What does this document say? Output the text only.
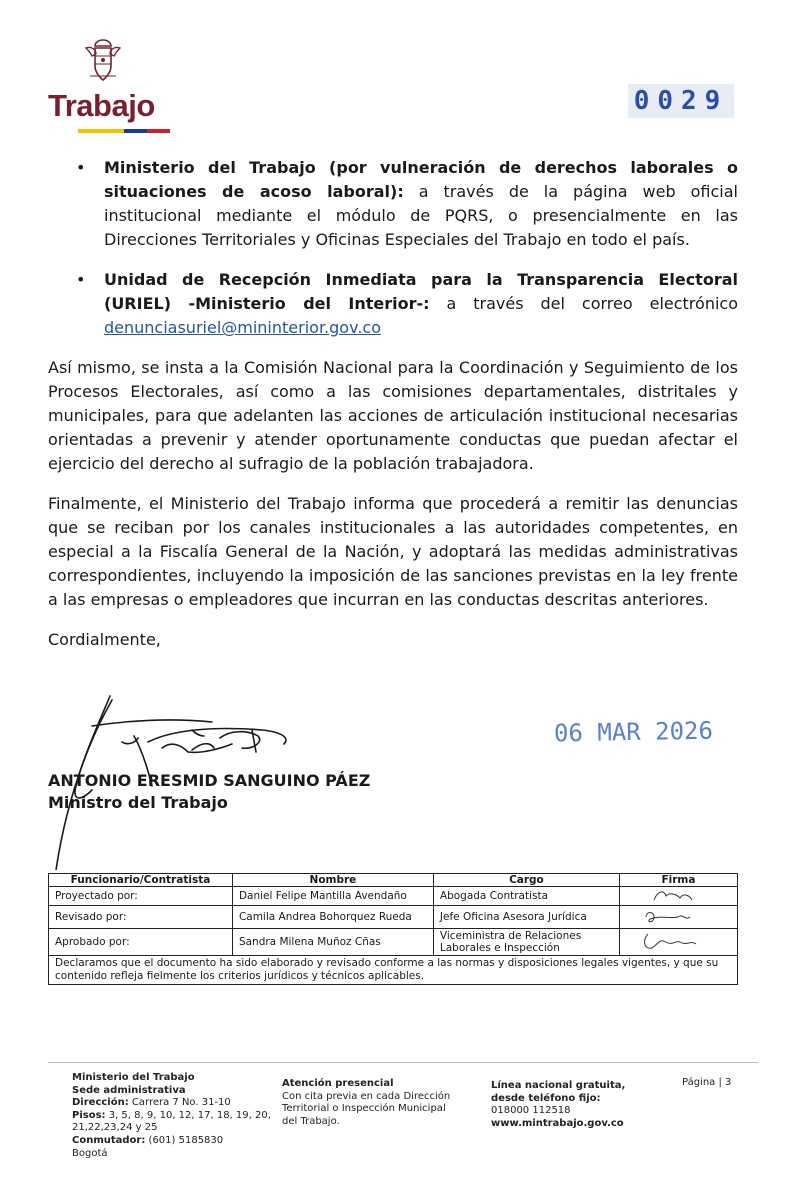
Trabajo	0029
• Ministerio del Trabajo (por vulneración de derechos laborales o situaciones de acoso laboral): a través de la página web oficial institucional mediante el módulo de PQRS, o presencialmente en las Direcciones Territoriales y Oficinas Especiales del Trabajo en todo el país.
• Unidad de Recepción Inmediata para la Transparencia Electoral (URIEL) -Ministerio del Interior-: a través del correo electrónico denunciasuriel@mininterior.gov.co

Así mismo, se insta a la Comisión Nacional para la Coordinación y Seguimiento de los Procesos Electorales, así como a las comisiones departamentales, distritales y municipales, para que adelanten las acciones de articulación institucional necesarias orientadas a prevenir y atender oportunamente conductas que puedan afectar el ejercicio del derecho al sufragio de la población trabajadora.

Finalmente, el Ministerio del Trabajo informa que procederá a remitir las denuncias que se reciban por los canales institucionales a las autoridades competentes, en especial a la Fiscalía General de la Nación, y adoptará las medidas administrativas correspondientes, incluyendo la imposición de las sanciones previstas en la ley frente a las empresas o empleadores que incurran en las conductas descritas anteriores.

Cordialmente,

06 MAR 2026
ANTONIO ERESMID SANGUINO PÁEZ
Ministro del Trabajo
Funcionario/Contratista	Nombre	Cargo	Firma
Proyectado por:	Daniel Felipe Mantilla Avendaño	Abogada Contratista	

Revisado por:	Camila Andrea Bohorquez Rueda	Jefe Oficina Asesora Jurídica	

Aprobado por:	Sandra Milena Muñoz Cñas	Viceministra de Relaciones Laborales e Inspección	

Declaramos que el documento ha sido elaborado y revisado conforme a las normas y disposiciones legales vigentes, y que su contenido refleja fielmente los criterios jurídicos y técnicos aplicables.			
Ministerio del Trabajo
Sede administrativa
Dirección: Carrera 7 No. 31-10
Pisos: 3, 5, 8, 9, 10, 12, 17, 18, 19, 20, 21,22,23,24 y 25
Conmutador: (601) 5185830
Bogotá
Atención presencial
Con cita previa en cada Dirección Territorial o Inspección Municipal del Trabajo.
Línea nacional gratuita, desde teléfono fijo:
018000 112518
www.mintrabajo.gov.co
Página | 3
